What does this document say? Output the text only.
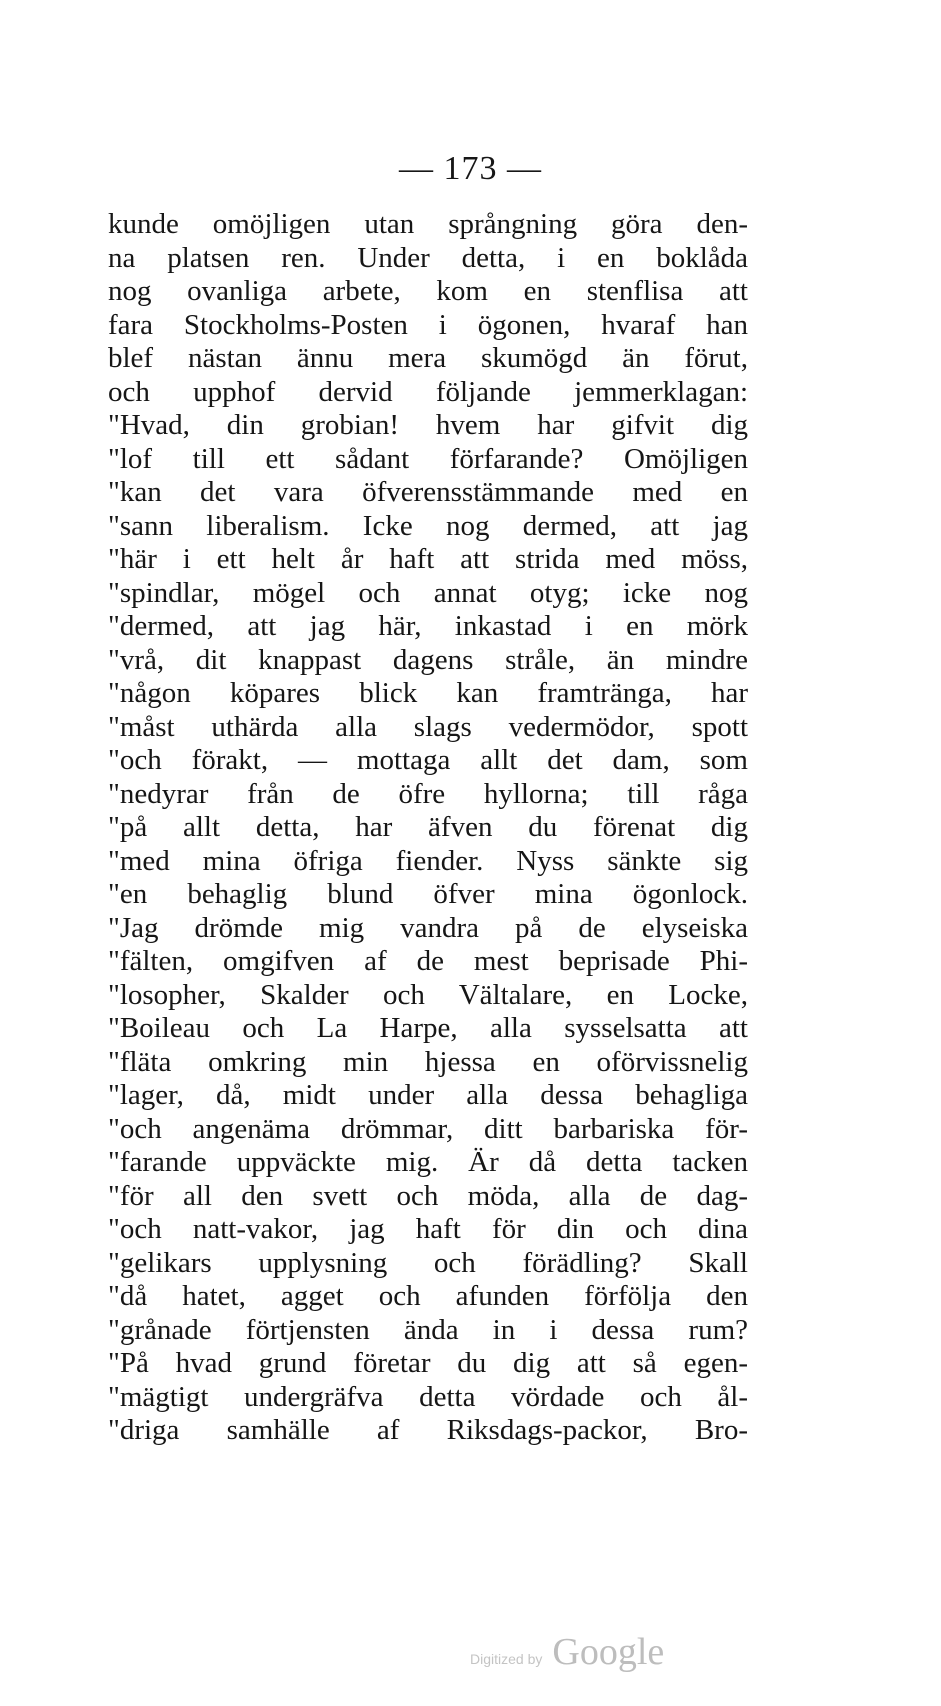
— 173 —
kunde omöjligen utan språngning göra den-
na platsen ren. Under detta, i en boklåda
nog ovanliga arbete, kom en stenflisa att
fara Stockholms-Posten i ögonen, hvaraf han
blef nästan ännu mera skumögd än förut,
och upphof dervid följande jemmerklagan:
"Hvad, din grobian! hvem har gifvit dig
"lof till ett sådant förfarande? Omöjligen
"kan det vara öfverensstämmande med en
"sann liberalism. Icke nog dermed, att jag
"här i ett helt år haft att strida med möss,
"spindlar, mögel och annat otyg; icke nog
"dermed, att jag här, inkastad i en mörk
"vrå, dit knappast dagens stråle, än mindre
"någon köpares blick kan framtränga, har
"måst uthärda alla slags vedermödor, spott
"och förakt, — mottaga allt det dam, som
"nedyrar från de öfre hyllorna; till råga
"på allt detta, har äfven du förenat dig
"med mina öfriga fiender. Nyss sänkte sig
"en behaglig blund öfver mina ögonlock.
"Jag drömde mig vandra på de elyseiska
"fälten, omgifven af de mest beprisade Phi-
"losopher, Skalder och Vältalare, en Locke,
"Boileau och La Harpe, alla sysselsatta att
"fläta omkring min hjessa en oförvissnelig
"lager, då, midt under alla dessa behagliga
"och angenäma drömmar, ditt barbariska för-
"farande uppväckte mig. Är då detta tacken
"för all den svett och möda, alla de dag-
"och natt-vakor, jag haft för din och dina
"gelikars upplysning och förädling? Skall
"då hatet, agget och afunden förfölja den
"grånade förtjensten ända in i dessa rum?
"På hvad grund företar du dig att så egen-
"mägtigt undergräfva detta vördade och ål-
"driga samhälle af Riksdags-packor, Bro-
Digitized by Google
